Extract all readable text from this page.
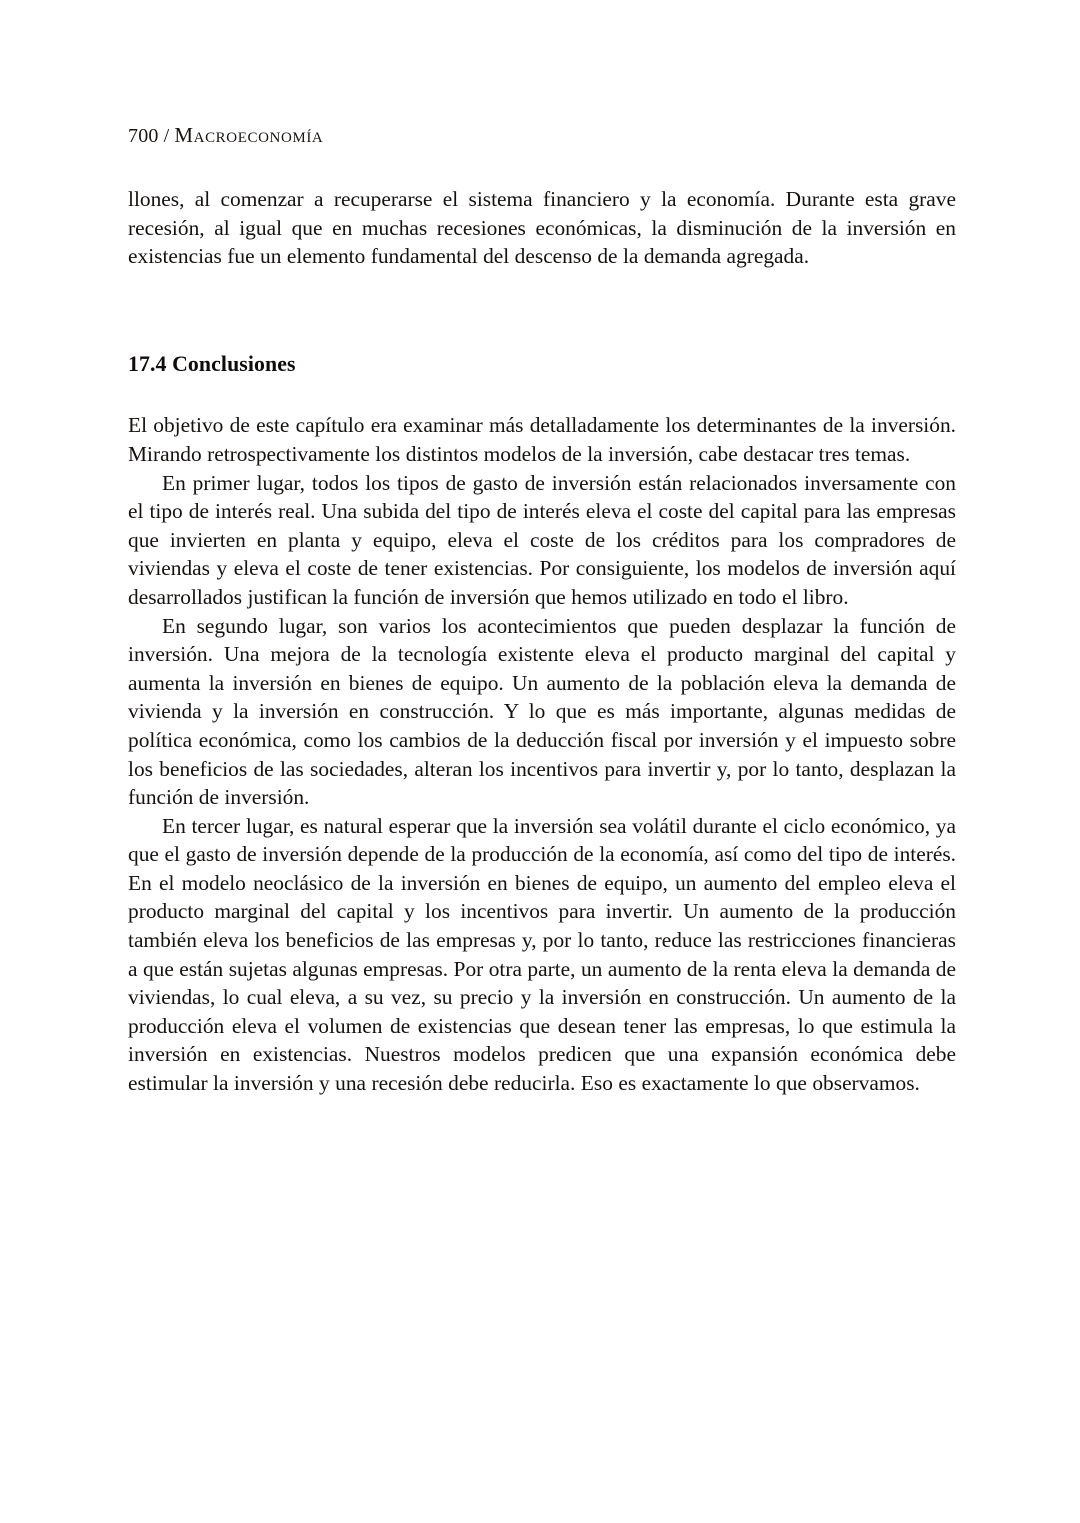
700 / Macroeconomía

llones, al comenzar a recuperarse el sistema financiero y la economía. Durante esta grave recesión, al igual que en muchas recesiones económicas, la disminución de la inversión en existencias fue un elemento fundamental del descenso de la demanda agregada.

17.4 Conclusiones

El objetivo de este capítulo era examinar más detalladamente los determinantes de la inversión. Mirando retrospectivamente los distintos modelos de la inversión, cabe destacar tres temas.

En primer lugar, todos los tipos de gasto de inversión están relacionados inversamente con el tipo de interés real. Una subida del tipo de interés eleva el coste del capital para las empresas que invierten en planta y equipo, eleva el coste de los créditos para los compradores de viviendas y eleva el coste de tener existencias. Por consiguiente, los modelos de inversión aquí desarrollados justifican la función de inversión que hemos utilizado en todo el libro.

En segundo lugar, son varios los acontecimientos que pueden desplazar la función de inversión. Una mejora de la tecnología existente eleva el producto marginal del capital y aumenta la inversión en bienes de equipo. Un aumento de la población eleva la demanda de vivienda y la inversión en construcción. Y lo que es más importante, algunas medidas de política económica, como los cambios de la deducción fiscal por inversión y el impuesto sobre los beneficios de las sociedades, alteran los incentivos para invertir y, por lo tanto, desplazan la función de inversión.

En tercer lugar, es natural esperar que la inversión sea volátil durante el ciclo económico, ya que el gasto de inversión depende de la producción de la economía, así como del tipo de interés. En el modelo neoclásico de la inversión en bienes de equipo, un aumento del empleo eleva el producto marginal del capital y los incentivos para invertir. Un aumento de la producción también eleva los beneficios de las empresas y, por lo tanto, reduce las restricciones financieras a que están sujetas algunas empresas. Por otra parte, un aumento de la renta eleva la demanda de viviendas, lo cual eleva, a su vez, su precio y la inversión en construcción. Un aumento de la producción eleva el volumen de existencias que desean tener las empresas, lo que estimula la inversión en existencias. Nuestros modelos predicen que una expansión económica debe estimular la inversión y una recesión debe reducirla. Eso es exactamente lo que observamos.
